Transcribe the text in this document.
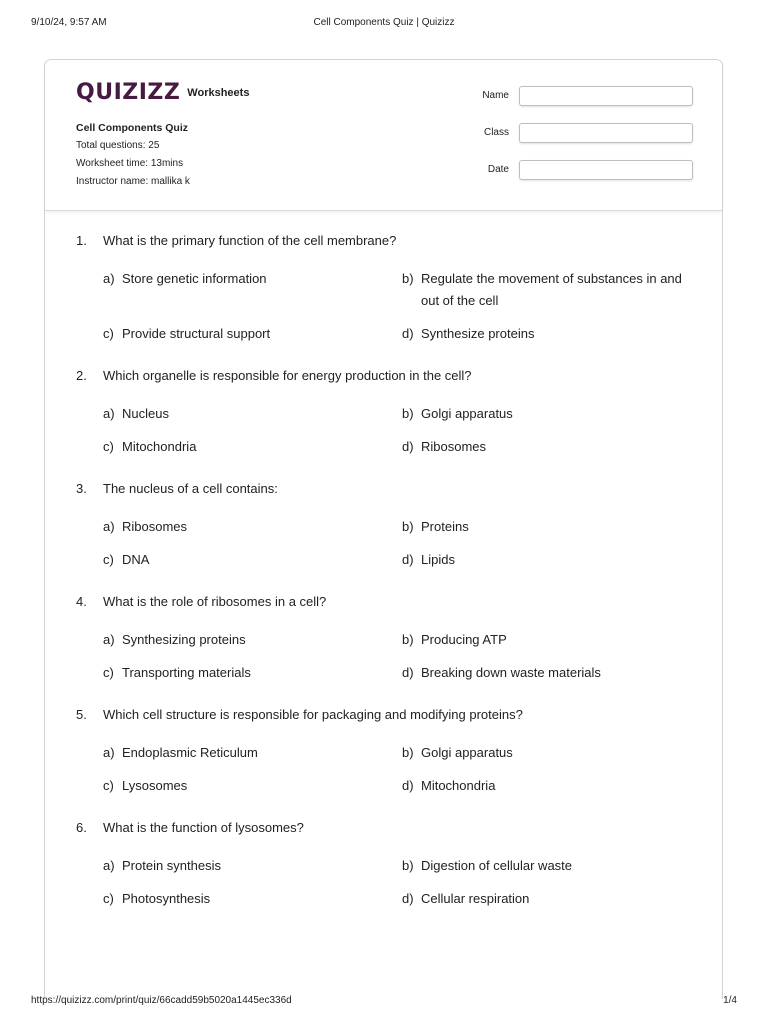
9/10/24, 9:57 AM	Cell Components Quiz | Quizizz
QUIZIZZ Worksheets
Cell Components Quiz
Total questions: 25
Worksheet time: 13mins
Instructor name: mallika k
Name
Class
Date
1.	What is the primary function of the cell membrane?
a) Store genetic information	b) Regulate the movement of substances in and out of the cell
c) Provide structural support	d) Synthesize proteins
2.	Which organelle is responsible for energy production in the cell?
a) Nucleus	b) Golgi apparatus
c) Mitochondria	d) Ribosomes
3.	The nucleus of a cell contains:
a) Ribosomes	b) Proteins
c) DNA	d) Lipids
4.	What is the role of ribosomes in a cell?
a) Synthesizing proteins	b) Producing ATP
c) Transporting materials	d) Breaking down waste materials
5.	Which cell structure is responsible for packaging and modifying proteins?
a) Endoplasmic Reticulum	b) Golgi apparatus
c) Lysosomes	d) Mitochondria
6.	What is the function of lysosomes?
a) Protein synthesis	b) Digestion of cellular waste
c) Photosynthesis	d) Cellular respiration
https://quizizz.com/print/quiz/66cadd59b5020a1445ec336d	1/4
